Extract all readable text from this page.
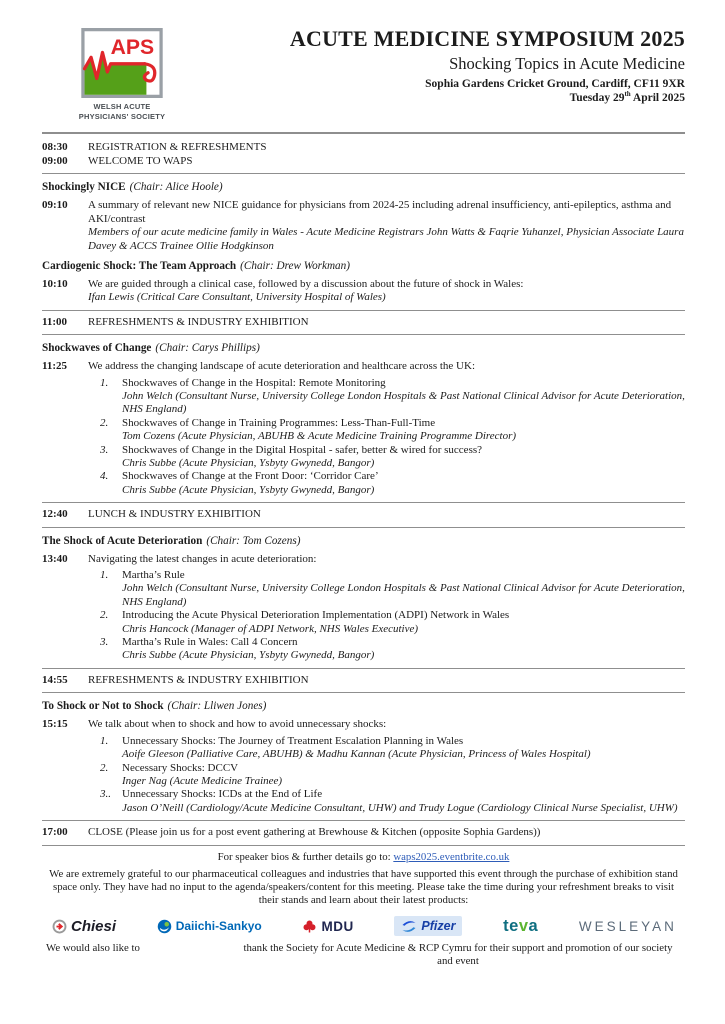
APS
WELSH ACUTE
PHYSICIANS' SOCIETY
ACUTE MEDICINE SYMPOSIUM 2025
Shocking Topics in Acute Medicine
Sophia Gardens Cricket Ground, Cardiff, CF11 9XR
Tuesday 29th April 2025
08:30	REGISTRATION & REFRESHMENTS
09:00	WELCOME TO WAPS
Shockingly NICE (Chair: Alice Hoole)
09:10	A summary of relevant new NICE guidance for physicians from 2024-25 including adrenal insufficiency, anti-epileptics, asthma and AKI/contrast
Members of our acute medicine family in Wales - Acute Medicine Registrars John Watts & Faqrie Yuhanzel, Physician Associate Laura Davey & ACCS Trainee Ollie Hodgkinson
Cardiogenic Shock: The Team Approach (Chair: Drew Workman)
10:10	We are guided through a clinical case, followed by a discussion about the future of shock in Wales:
Ifan Lewis (Critical Care Consultant, University Hospital of Wales)
11:00	REFRESHMENTS & INDUSTRY EXHIBITION
Shockwaves of Change (Chair: Carys Phillips)
11:25	We address the changing landscape of acute deterioration and healthcare across the UK:
1.	Shockwaves of Change in the Hospital: Remote Monitoring
John Welch (Consultant Nurse, University College London Hospitals & Past National Clinical Advisor for Acute Deterioration, NHS England)
2.	Shockwaves of Change in Training Programmes: Less-Than-Full-Time
Tom Cozens (Acute Physician, ABUHB & Acute Medicine Training Programme Director)
3.	Shockwaves of Change in the Digital Hospital - safer, better & wired for success?
Chris Subbe (Acute Physician, Ysbyty Gwynedd, Bangor)
4.	Shockwaves of Change at the Front Door: ‘Corridor Care’
Chris Subbe (Acute Physician, Ysbyty Gwynedd, Bangor)
12:40	LUNCH & INDUSTRY EXHIBITION
The Shock of Acute Deterioration (Chair: Tom Cozens)
13:40	Navigating the latest changes in acute deterioration:
1.	Martha’s Rule
John Welch (Consultant Nurse, University College London Hospitals & Past National Clinical Advisor for Acute Deterioration, NHS England)
2.	Introducing the Acute Physical Deterioration Implementation (ADPI) Network in Wales
Chris Hancock (Manager of ADPI Network, NHS Wales Executive)
3.	Martha’s Rule in Wales: Call 4 Concern
Chris Subbe (Acute Physician, Ysbyty Gwynedd, Bangor)
14:55	REFRESHMENTS & INDUSTRY EXHIBITION
To Shock or Not to Shock (Chair: Lliwen Jones)
15:15	We talk about when to shock and how to avoid unnecessary shocks:
1.	Unnecessary Shocks: The Journey of Treatment Escalation Planning in Wales
Aoife Gleeson (Palliative Care, ABUHB) & Madhu Kannan (Acute Physician, Princess of Wales Hospital)
2.	Necessary Shocks: DCCV
Inger Nag (Acute Medicine Trainee)
3..	Unnecessary Shocks: ICDs at the End of Life
Jason O’Neill (Cardiology/Acute Medicine Consultant, UHW) and Trudy Logue (Cardiology Clinical Nurse Specialist, UHW)
17:00	CLOSE (Please join us for a post event gathering at Brewhouse & Kitchen (opposite Sophia Gardens))
For speaker bios & further details go to: waps2025.eventbrite.co.uk

We are extremely grateful to our pharmaceutical colleagues and industries that have supported this event through the purchase of exhibition stand space only. They have had no input to the agenda/speakers/content for this meeting. Please take the time during your refreshment breaks to visit their stands and learn about their latest products:

Chiesi	Daiichi-Sankyo	MDU	Pfizer	teva	WESLEYAN
We would also like to	thank the Society for Acute Medicine & RCP Cymru for their support and promotion of our society and event
